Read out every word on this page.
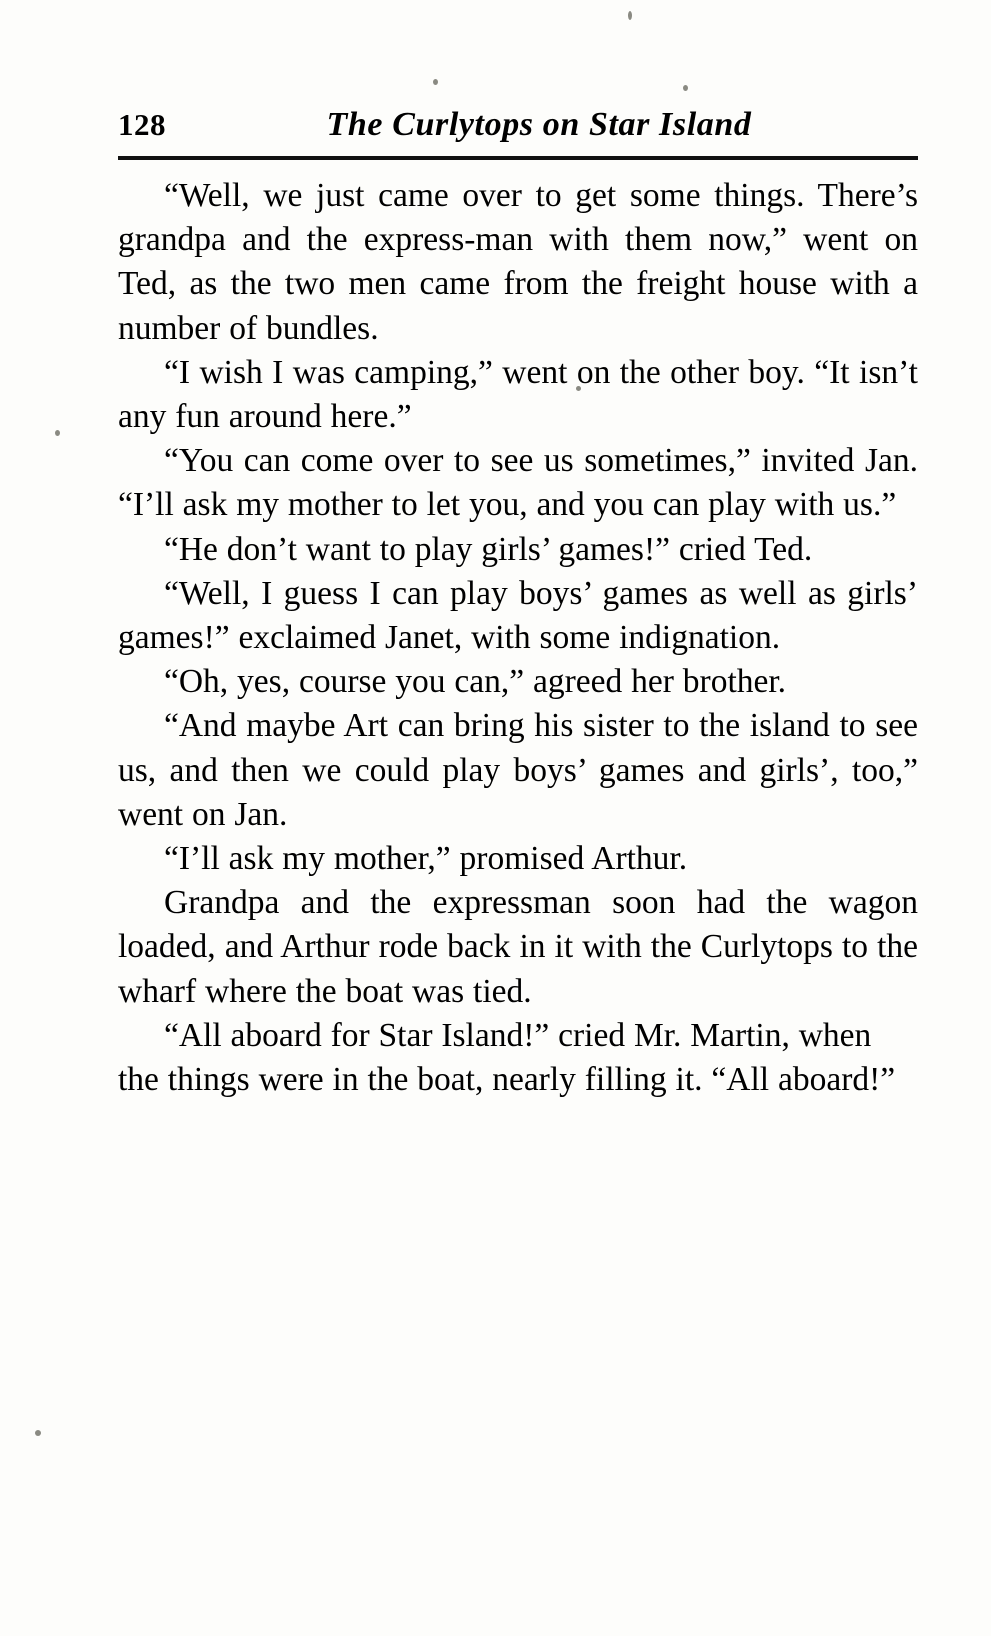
128	The Curlytops on Star Island

“Well, we just came over to get some things. There’s grandpa and the express-man with them now,” went on Ted, as the two men came from the freight house with a number of bundles.

“I wish I was camping,” went on the other boy. “It isn’t any fun around here.”

“You can come over to see us sometimes,” invited Jan. “I’ll ask my mother to let you, and you can play with us.”

“He don’t want to play girls’ games!” cried Ted.

“Well, I guess I can play boys’ games as well as girls’ games!” exclaimed Janet, with some indignation.

“Oh, yes, course you can,” agreed her brother.

“And maybe Art can bring his sister to the island to see us, and then we could play boys’ games and girls’, too,” went on Jan.

“I’ll ask my mother,” promised Arthur.

Grandpa and the expressman soon had the wagon loaded, and Arthur rode back in it with the Curlytops to the wharf where the boat was tied.

“All aboard for Star Island!” cried Mr. Martin, when the things were in the boat, nearly filling it. “All aboard!”
